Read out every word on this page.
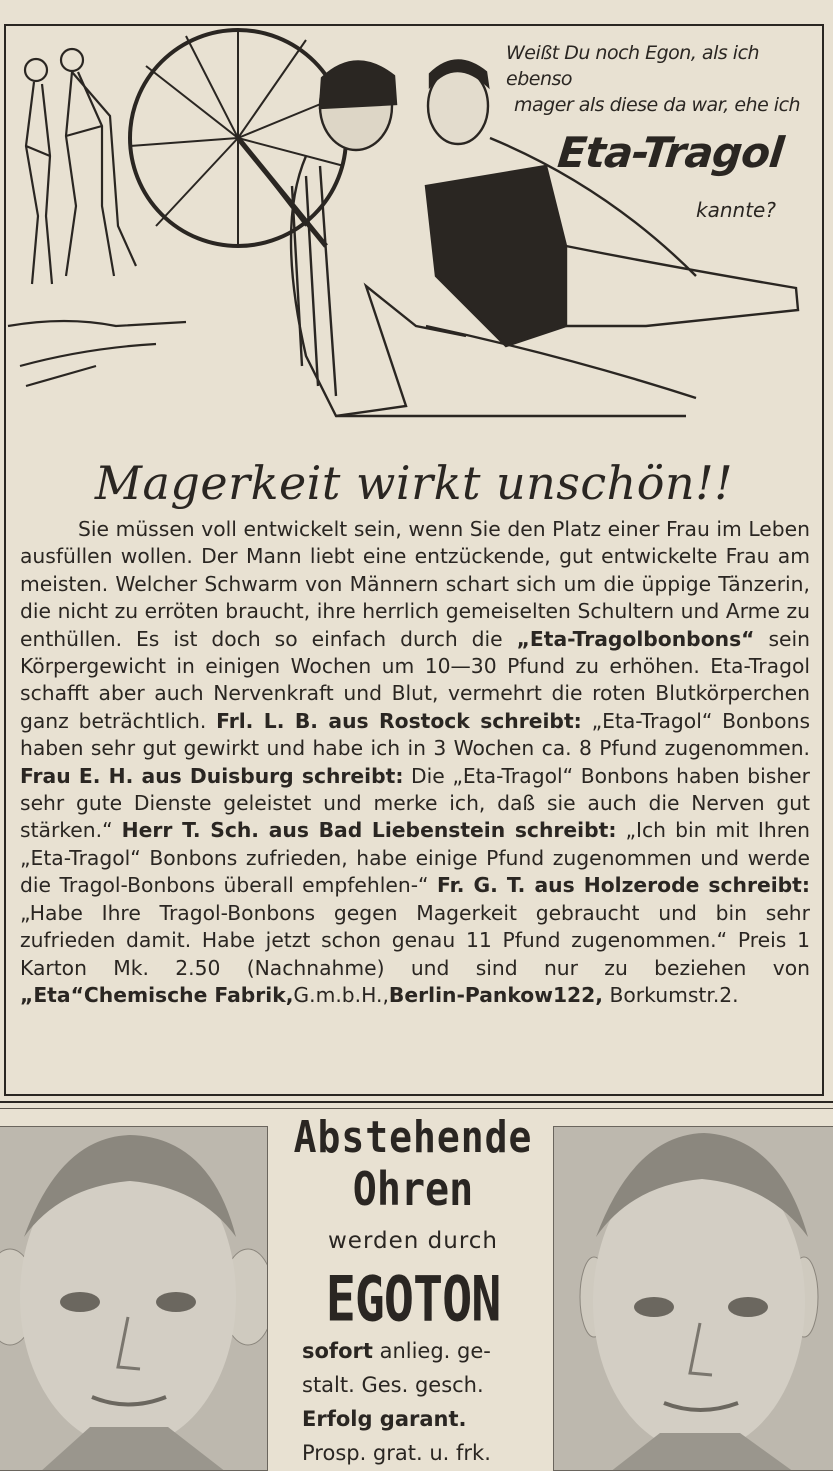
Weißt Du noch Egon, als ich ebenso
mager als diese da war, ehe ich
Eta-Tragol
kannte?
Magerkeit wirkt unschön!!

Sie müssen voll entwickelt sein, wenn Sie den Platz einer Frau im Leben ausfüllen wollen. Der Mann liebt eine entzückende, gut entwickelte Frau am meisten. Welcher Schwarm von Männern schart sich um die üppige Tänzerin, die nicht zu erröten braucht, ihre herrlich gemeiselten Schultern und Arme zu enthüllen. Es ist doch so einfach durch die „Eta-Tragolbonbons“ sein Körpergewicht in einigen Wochen um 10—30 Pfund zu erhöhen. Eta-Tragol schafft aber auch Nervenkraft und Blut, vermehrt die roten Blutkörperchen ganz beträchtlich. Frl. L. B. aus Rostock schreibt: „Eta-Tragol“ Bonbons haben sehr gut gewirkt und habe ich in 3 Wochen ca. 8 Pfund zugenommen. Frau E. H. aus Duisburg schreibt: Die „Eta-Tragol“ Bonbons haben bisher sehr gute Dienste geleistet und merke ich, daß sie auch die Nerven gut stärken.“ Herr T. Sch. aus Bad Liebenstein schreibt: „Ich bin mit Ihren „Eta-Tragol“ Bonbons zufrieden, habe einige Pfund zugenommen und werde die Tragol-Bonbons überall empfehlen-“ Fr. G. T. aus Holzerode schreibt: „Habe Ihre Tragol-Bonbons gegen Magerkeit gebraucht und bin sehr zufrieden damit. Habe jetzt schon genau 11 Pfund zugenommen.“ Preis 1 Karton Mk. 2.50 (Nachnahme) und sind nur zu beziehen von „Eta“Chemische Fabrik,G.m.b.H.,Berlin-Pankow122, Borkumstr.2.

Abstehende
Ohren
werden durch
EGOTON
sofort anlieg. ge-
stalt. Ges. gesch.
Erfolg garant.
Prosp. grat. u. frk.
